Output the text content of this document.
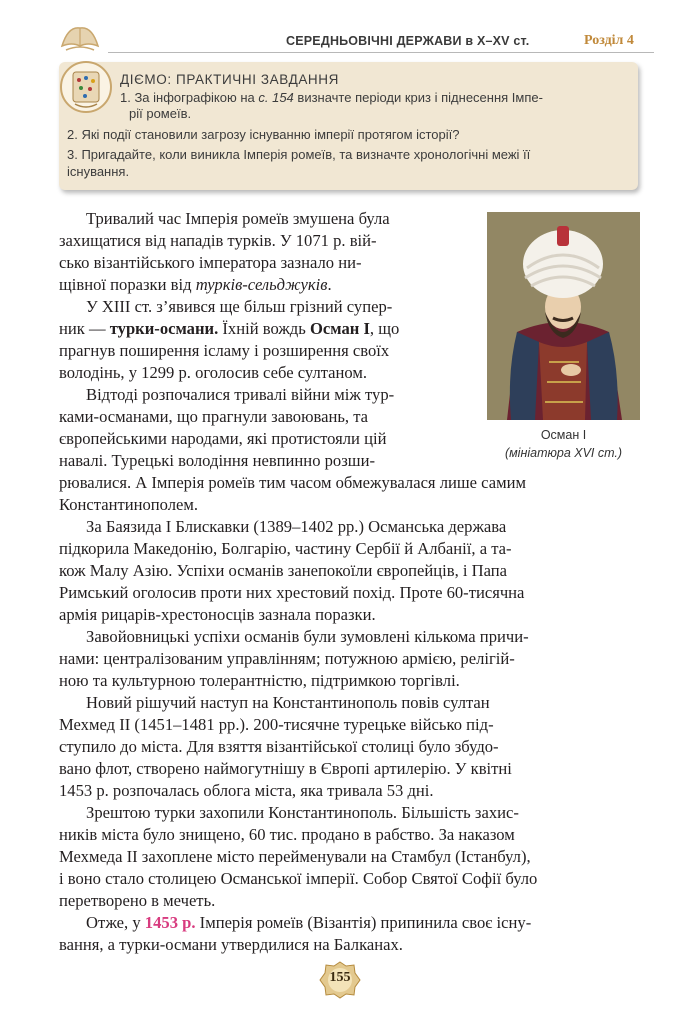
СЕРЕДНЬОВІЧНІ ДЕРЖАВИ в X–XV ст.	Розділ 4
ДІЄМО: ПРАКТИЧНІ ЗАВДАННЯ
1. За інфографікою на с. 154 визначте періоди криз і піднесення Імпе-
рії ромеїв.
2. Які події становили загрозу існуванню імперії протягом історії?
3. Пригадайте, коли виникла Імперія ромеїв, та визначте хронологічні межі її
існування.
Осман І
(мініатюра XVI ст.)
Тривалий час Імперія ромеїв змушена була
захищатися від нападів турків. У 1071 р. вій-
сько візантійського імператора зазнало ни-
щівної поразки від турків-сельджуків.
У XIII ст. з’явився ще більш грізний супер-
ник — турки-османи. Їхній вождь Осман І, що
прагнув поширення ісламу і розширення своїх
володінь, у 1299 р. оголосив себе султаном.
Відтоді розпочалися тривалі війни між тур-
ками-османами, що прагнули завоювань, та
європейськими народами, які протистояли цій
навалі. Турецькі володіння невпинно розши-
рювалися. А Імперія ромеїв тим часом обмежувалася лише самим
Константинополем.
За Баязида І Блискавки (1389–1402 рр.) Османська держава
підкорила Македонію, Болгарію, частину Сербії й Албанії, а та-
кож Малу Азію. Успіхи османів занепокоїли європейців, і Папа
Римський оголосив проти них хрестовий похід. Проте 60-тисячна
армія рицарів-хрестоносців зазнала поразки.
Завойовницькі успіхи османів були зумовлені кількома причи-
нами: централізованим управлінням; потужною армією, релігій-
ною та культурною толерантністю, підтримкою торгівлі.
Новий рішучий наступ на Константинополь повів султан
Мехмед ІІ (1451–1481 рр.). 200-тисячне турецьке військо під-
ступило до міста. Для взяття візантійської столиці було збудо-
вано флот, створено наймогутнішу в Європі артилерію. У квітні
1453 р. розпочалась облога міста, яка тривала 53 дні.
Зрештою турки захопили Константинополь. Більшість захис-
ників міста було знищено, 60 тис. продано в рабство. За наказом
Мехмеда ІІ захоплене місто перейменували на Стамбул (Істанбул),
і воно стало столицею Османської імперії. Собор Святої Софії було
перетворено в мечеть.
Отже, у 1453 р. Імперія ромеїв (Візантія) припинила своє існу-
вання, а турки-османи утвердилися на Балканах.
155
